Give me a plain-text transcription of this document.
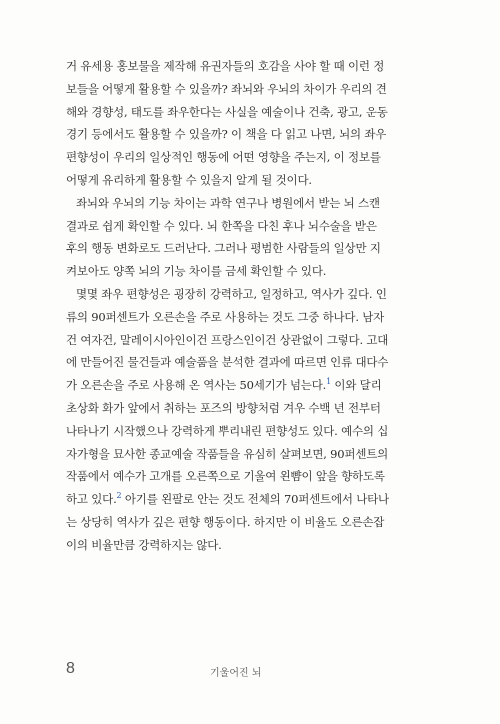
거 유세용 홍보물을 제작해 유권자들의 호감을 사야 할 때 이런 정
보들을 어떻게 활용할 수 있을까? 좌뇌와 우뇌의 차이가 우리의 견
해와 경향성, 태도를 좌우한다는 사실을 예술이나 건축, 광고, 운동
경기 등에서도 활용할 수 있을까? 이 책을 다 읽고 나면, 뇌의 좌우
편향성이 우리의 일상적인 행동에 어떤 영향을 주는지, 이 정보를
어떻게 유리하게 활용할 수 있을지 알게 될 것이다.
좌뇌와 우뇌의 기능 차이는 과학 연구나 병원에서 받는 뇌 스캔
결과로 쉽게 확인할 수 있다. 뇌 한쪽을 다친 후나 뇌수술을 받은
후의 행동 변화로도 드러난다. 그러나 평범한 사람들의 일상만 지
켜보아도 양쪽 뇌의 기능 차이를 금세 확인할 수 있다.
몇몇 좌우 편향성은 굉장히 강력하고, 일정하고, 역사가 깊다. 인
류의 90퍼센트가 오른손을 주로 사용하는 것도 그중 하나다. 남자
건 여자건, 말레이시아인이건 프랑스인이건 상관없이 그렇다. 고대
에 만들어진 물건들과 예술품을 분석한 결과에 따르면 인류 대다수
가 오른손을 주로 사용해 온 역사는 50세기가 넘는다.$^1$ 이와 달리
초상화 화가 앞에서 취하는 포즈의 방향처럼 겨우 수백 년 전부터
나타나기 시작했으나 강력하게 뿌리내린 편향성도 있다. 예수의 십
자가형을 묘사한 종교예술 작품들을 유심히 살펴보면, 90퍼센트의
작품에서 예수가 고개를 오른쪽으로 기울여 왼뺨이 앞을 향하도록
하고 있다.$^2$ 아기를 왼팔로 안는 것도 전체의 70퍼센트에서 나타나
는 상당히 역사가 깊은 편향 행동이다. 하지만 이 비율도 오른손잡
이의 비율만큼 강력하지는 않다.
8	기울어진 뇌
